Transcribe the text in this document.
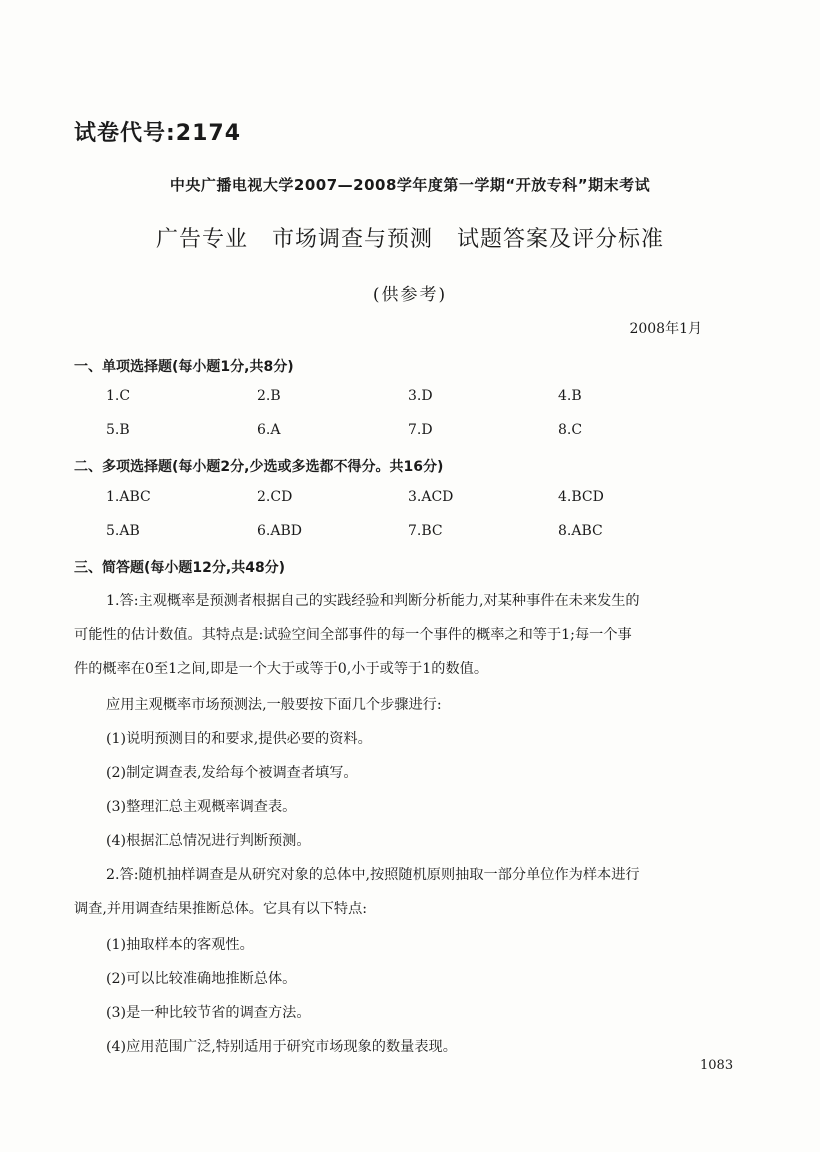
试卷代号:2174
中央广播电视大学2007—2008学年度第一学期“开放专科”期末考试
广告专业   市场调查与预测   试题答案及评分标准
(供参考)
2008年1月
一、单项选择题(每小题1分,共8分)
1.C	2.B	3.D	4.B
5.B	6.A	7.D	8.C
二、多项选择题(每小题2分,少选或多选都不得分。共16分)
1.ABC	2.CD	3.ACD	4.BCD
5.AB	6.ABD	7.BC	8.ABC
三、简答题(每小题12分,共48分)
1.答:主观概率是预测者根据自己的实践经验和判断分析能力,对某种事件在未来发生的
可能性的估计数值。其特点是:试验空间全部事件的每一个事件的概率之和等于1;每一个事
件的概率在0至1之间,即是一个大于或等于0,小于或等于1的数值。
应用主观概率市场预测法,一般要按下面几个步骤进行:
(1)说明预测目的和要求,提供必要的资料。
(2)制定调查表,发给每个被调查者填写。
(3)整理汇总主观概率调查表。
(4)根据汇总情况进行判断预测。
2.答:随机抽样调查是从研究对象的总体中,按照随机原则抽取一部分单位作为样本进行
调查,并用调查结果推断总体。它具有以下特点:
(1)抽取样本的客观性。
(2)可以比较准确地推断总体。
(3)是一种比较节省的调查方法。
(4)应用范围广泛,特别适用于研究市场现象的数量表现。
1083
